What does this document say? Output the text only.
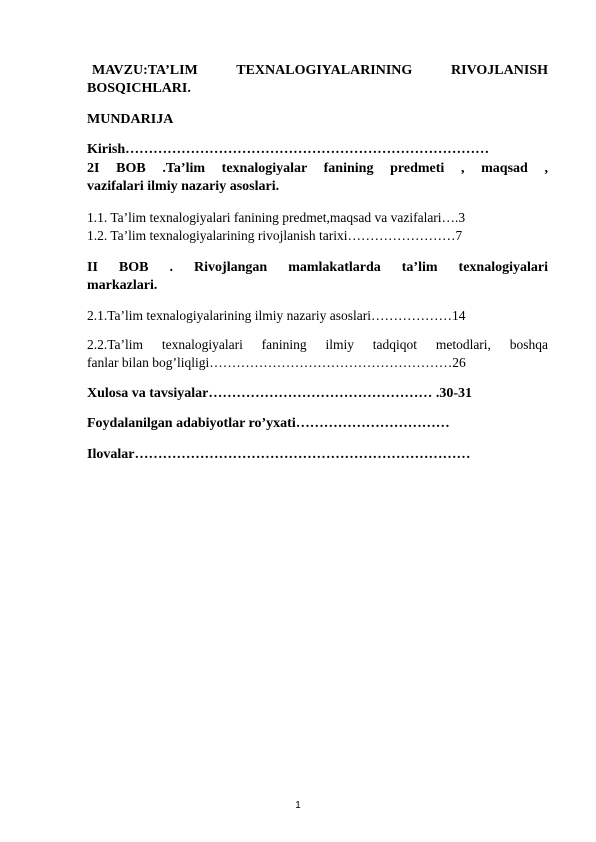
MAVZU:TA’LIM TEXNALOGIYALARINING RIVOJLANISH
BOSQICHLARI.
MUNDARIJA
Kirish……………………………………………………………………
2I BOB .Ta’lim texnalogiyalar fanining predmeti , maqsad ,
vazifalari ilmiy nazariy asoslari.
1.1. Ta’lim texnalogiyalari fanining predmet,maqsad va vazifalari….3
1.2. Ta’lim texnalogiyalarining rivojlanish tarixi……………………7
II BOB . Rivojlangan mamlakatlarda ta’lim texnalogiyalari
markazlari.
2.1.Ta’lim texnalogiyalarining ilmiy nazariy asoslari………………14
2.2.Ta’lim texnalogiyalari fanining ilmiy tadqiqot metodlari, boshqa
fanlar bilan bog’liqligi………………………………………………26
Xulosa va tavsiyalar………………………………………… .30-31
Foydalanilgan adabiyotlar ro’yxati……………………………
Ilovalar………………………………………………………………
1
